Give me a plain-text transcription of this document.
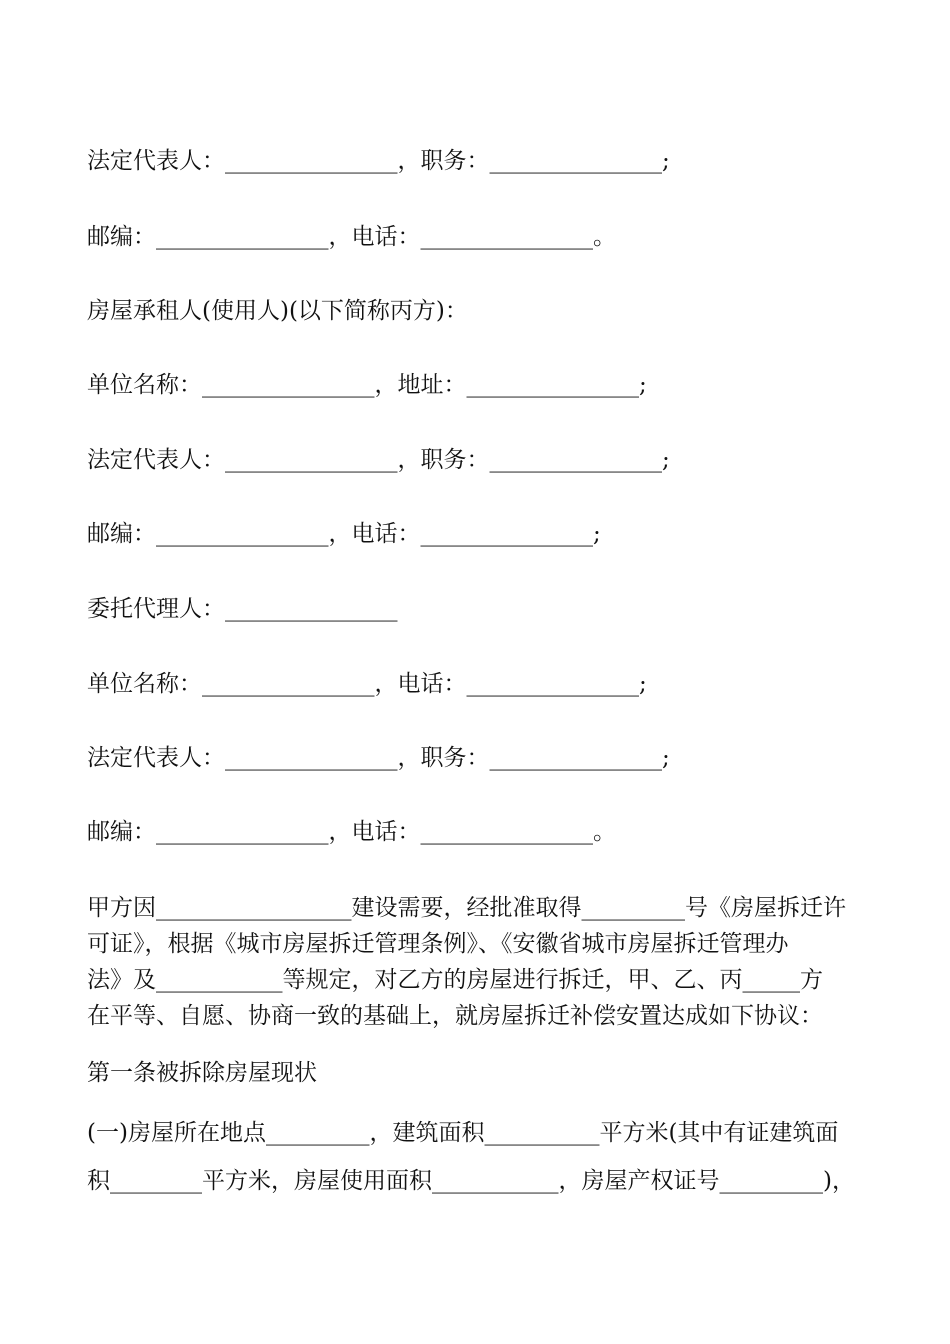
法定代表人：_______________，职务：_______________;
邮编：_______________，电话：_______________。
房屋承租人(使用人)(以下简称丙方)：
单位名称：_______________，地址：_______________;
法定代表人：_______________，职务：_______________;
邮编：_______________，电话：_______________;
委托代理人：_______________
单位名称：_______________，电话：_______________;
法定代表人：_______________，职务：_______________;
邮编：_______________，电话：_______________。
甲方因_________________建设需要，经批准取得_________号《房屋拆迁许
可证》，根据《城市房屋拆迁管理条例》、《安徽省城市房屋拆迁管理办
法》及___________等规定，对乙方的房屋进行拆迁，甲、乙、丙_____方
在平等、自愿、协商一致的基础上，就房屋拆迁补偿安置达成如下协议：
第一条被拆除房屋现状
(一)房屋所在地点_________，建筑面积__________平方米(其中有证建筑面
积________平方米，房屋使用面积___________，房屋产权证号_________)，
